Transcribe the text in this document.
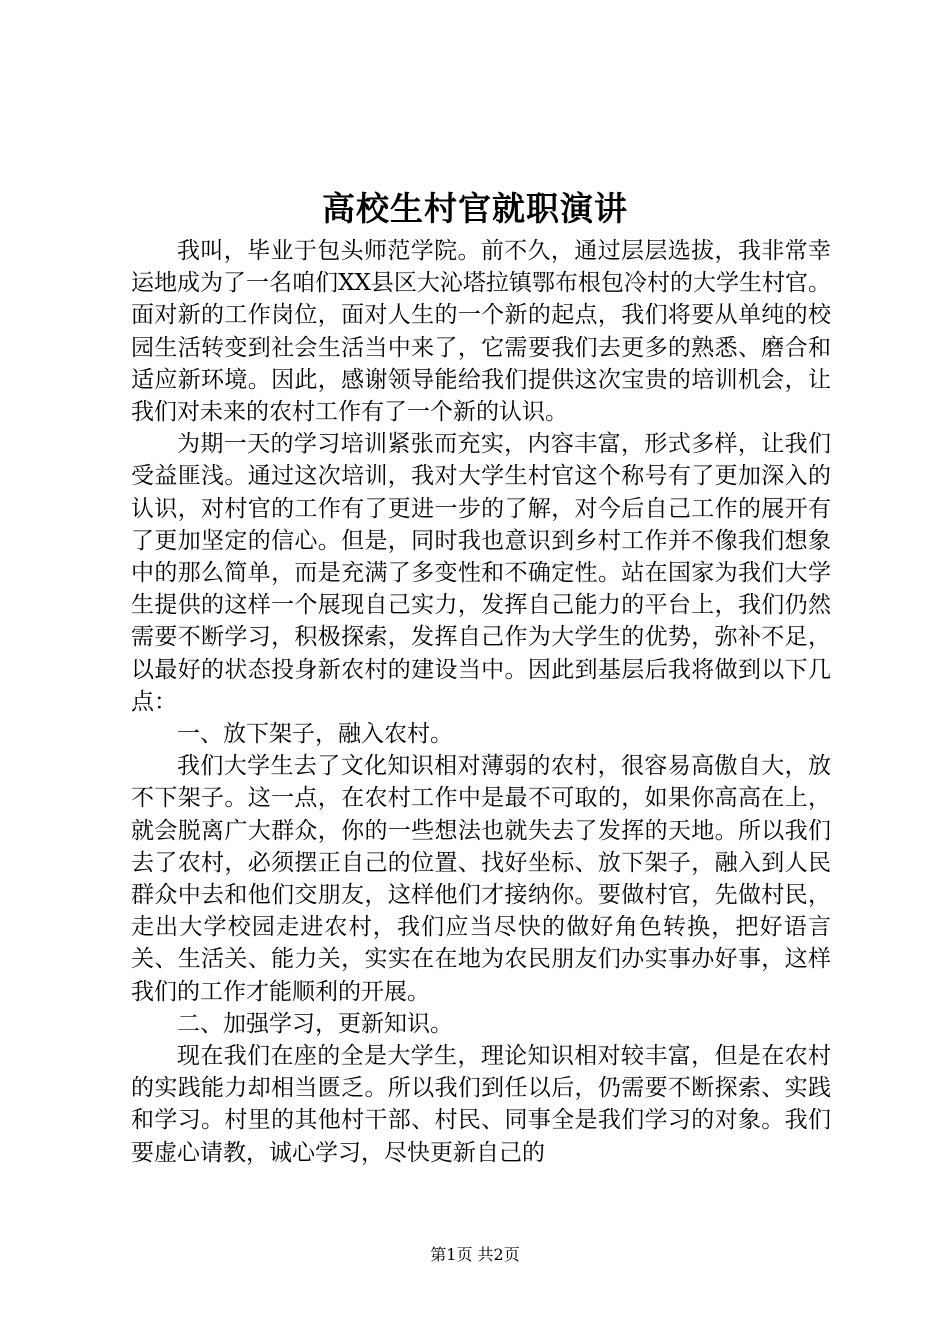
高校生村官就职演讲

我叫，毕业于包头师范学院。前不久，通过层层选拔，我非常幸运地成为了一名咱们XX县区大沁塔拉镇鄂布根包冷村的大学生村官。面对新的工作岗位，面对人生的一个新的起点，我们将要从单纯的校园生活转变到社会生活当中来了，它需要我们去更多的熟悉、磨合和适应新环境。因此，感谢领导能给我们提供这次宝贵的培训机会，让我们对未来的农村工作有了一个新的认识。

为期一天的学习培训紧张而充实，内容丰富，形式多样，让我们受益匪浅。通过这次培训，我对大学生村官这个称号有了更加深入的认识，对村官的工作有了更进一步的了解，对今后自己工作的展开有了更加坚定的信心。但是，同时我也意识到乡村工作并不像我们想象中的那么简单，而是充满了多变性和不确定性。站在国家为我们大学生提供的这样一个展现自己实力，发挥自己能力的平台上，我们仍然需要不断学习，积极探索，发挥自己作为大学生的优势，弥补不足，以最好的状态投身新农村的建设当中。因此到基层后我将做到以下几点：

一、放下架子，融入农村。

我们大学生去了文化知识相对薄弱的农村，很容易高傲自大，放不下架子。这一点，在农村工作中是最不可取的，如果你高高在上，就会脱离广大群众，你的一些想法也就失去了发挥的天地。所以我们去了农村，必须摆正自己的位置、找好坐标、放下架子，融入到人民群众中去和他们交朋友，这样他们才接纳你。要做村官，先做村民，走出大学校园走进农村，我们应当尽快的做好角色转换，把好语言关、生活关、能力关，实实在在地为农民朋友们办实事办好事，这样我们的工作才能顺利的开展。

二、加强学习，更新知识。

现在我们在座的全是大学生，理论知识相对较丰富，但是在农村的实践能力却相当匮乏。所以我们到任以后，仍需要不断探索、实践和学习。村里的其他村干部、村民、同事全是我们学习的对象。我们要虚心请教，诚心学习，尽快更新自己的

第1页 共2页
